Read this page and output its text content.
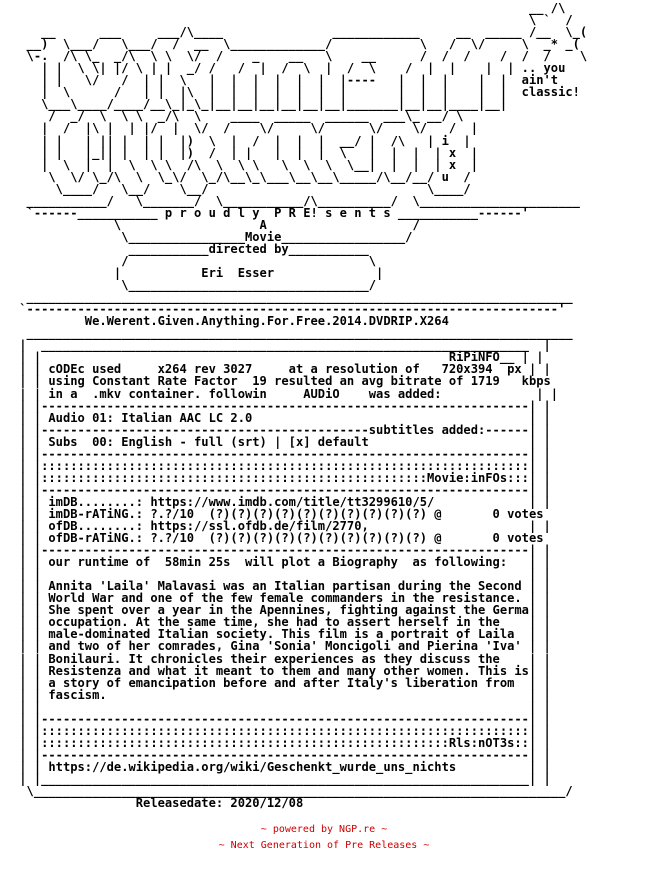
__ /\
\ `  /
__      ___     ___/\____               ____________     __  _____ /__  \_(
__)  \___/   \___/  /  __  \_____________/            \   /  \/     \  _* _(
\-.  /\ \_  _/\  \ \  \/  /    _    __   \    __      /  /  /    /  /  /    \
| |  \ \| |/ \ | |  _/ /   /  |  /  \  |  /  \    /  |  |    |  | .. you
| |   \/   /  | |  \   |  |  |  |  |  |  |----   |  |  |    |  |  ain't
|  \      /   | |  |\  |  |  |  |  |  |  |       |  |  |    |  |  classic!
\___\____/____/__\_|_\_|__|__|__|__|__|__|_______|__|__|____|__|
/  _/  \  \ \  _/\  \    ____  _____  ______  ___\_ __/ \
|  /  |\ |  | |/  |  \/  /    \/     \/      \/    \/   /  |
| |   | || |  | |  |)  \  |  /  |  |  |  __/ |  /\   | i  |
| |   |_|| |  | |  |)  /  | |   |  |  |  \   |  |  |  | x  |
|  \  |  |  \  \ \  /\  \  \ \   \  \  \  \__|  |  |  | x  |
\  \/ \_/\  \  \_\/  \_/\__\_\___\__\__\_____/\__/__/ u  /
\____/   \__/    \__/                              \____/
___________/   \_______/  \___________/\__________/  \______________________
`------___________ p r o u d l y  P R E! s e n t s ___________------'
\                   A                    /
\________________Movie_________________/
___________directed by___________
/                                 \
|           Eri  Esser              |
\_________________________________/
___________________________________________________________________________
`-------------------------------------------------------------------------'
We.Werent.Given.Anything.For.Free.2014.DVDRIP.X264
___________________________________________________________________________
|  ___________________________________________________________________  |
| |                                                        RiPiNFO__ | |
| | cODEc used     x264 rev 3027     at a resolution of   720x394  px | |
| | using Constant Rate Factor  19 resulted an avg bitrate of 1719   kbps
| | in a  .mkv container. followin     AUDiO    was added:             | |
| |-------------------------------------------------------------------| |
| | Audio 01: Italian AAC LC 2.0                                      | |
| |---------------------------------------------subtitles added:------| |
| | Subs  00: English - full (srt) | [x] default                      | |
| |-------------------------------------------------------------------| |
| |:::::::::::::::::::::::::::::::::::::::::::::::::::::::::::::::::::| |
| |:::::::::::::::::::::::::::::::::::::::::::::::::::::Movie:inFOs:::| |
| |-------------------------------------------------------------------| |
| | imDB........: https://www.imdb.com/title/tt3299610/5/             | |
| | imDB-rATiNG.: ?.?/10  (?)(?)(?)(?)(?)(?)(?)(?)(?)(?) @       0 votes
| | ofDB........: https://ssl.ofdb.de/film/2770,                      | |
| | ofDB-rATiNG.: ?.?/10  (?)(?)(?)(?)(?)(?)(?)(?)(?)(?) @       0 votes
| |-------------------------------------------------------------------| |
| | our runtime of  58min 25s  will plot a Biography  as following:   | |
| |                                                                   | |
| | Annita 'Laila' Malavasi was an Italian partisan during the Second | |
| | World War and one of the few female commanders in the resistance. | |
| | She spent over a year in the Apennines, fighting against the Germa| |
| | occupation. At the same time, she had to assert herself in the    | |
| | male-dominated Italian society. This film is a portrait of Laila  | |
| | and two of her comrades, Gina 'Sonia' Moncigoli and Pierina 'Iva' | |
| | Bonilauri. It chronicles their experiences as they discuss the    | |
| | Resistenza and what it meant to them and many other women. This is| |
| | a story of emancipation before and after Italy's liberation from  | |
| | fascism.                                                          | |
| |                                                                   | |
| |-------------------------------------------------------------------| |
| |:::::::::::::::::::::::::::::::::::::::::::::::::::::::::::::::::::| |
| |::::::::::::::::::::::::::::::::::::::::::::::::::::::::Rls:nOT3s::| |
| |-------------------------------------------------------------------| |
| | https://de.wikipedia.org/wiki/Geschenkt_wurde_uns_nichts          | |
| |___________________________________________________________________| |
\_________________________________________________________________________/
Releasedate: 2020/12/08
~ powered by NGP.re ~
~ Next Generation of Pre Releases ~
